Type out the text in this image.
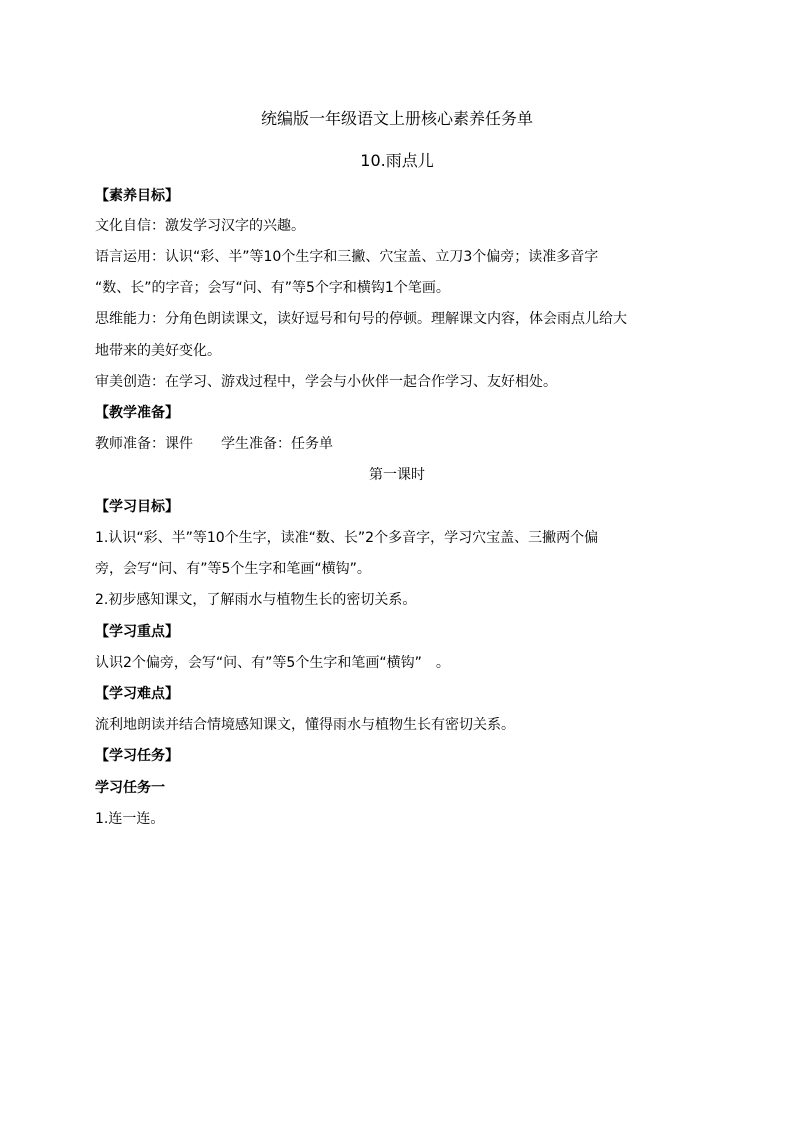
统编版一年级语文上册核心素养任务单
10.雨点儿
【素养目标】
文化自信：激发学习汉字的兴趣。
语言运用：认识“彩、半”等10个生字和三撇、穴宝盖、立刀3个偏旁；读准多音字
“数、长”的字音；会写“问、有”等5个字和横钩1个笔画。
思维能力：分角色朗读课文，读好逗号和句号的停顿。理解课文内容，体会雨点儿给大
地带来的美好变化。
审美创造：在学习、游戏过程中，学会与小伙伴一起合作学习、友好相处。
【教学准备】
教师准备：课件 学生准备：任务单
第一课时
【学习目标】
1.认识“彩、半”等10个生字，读准“数、长”2个多音字，学习穴宝盖、三撇两个偏
旁，会写“问、有”等5个生字和笔画“横钩”。
2.初步感知课文，了解雨水与植物生长的密切关系。
【学习重点】
认识2个偏旁，会写“问、有”等5个生字和笔画“横钩”　。
【学习难点】
流利地朗读并结合情境感知课文，懂得雨水与植物生长有密切关系。
【学习任务】
学习任务一
1.连一连。
